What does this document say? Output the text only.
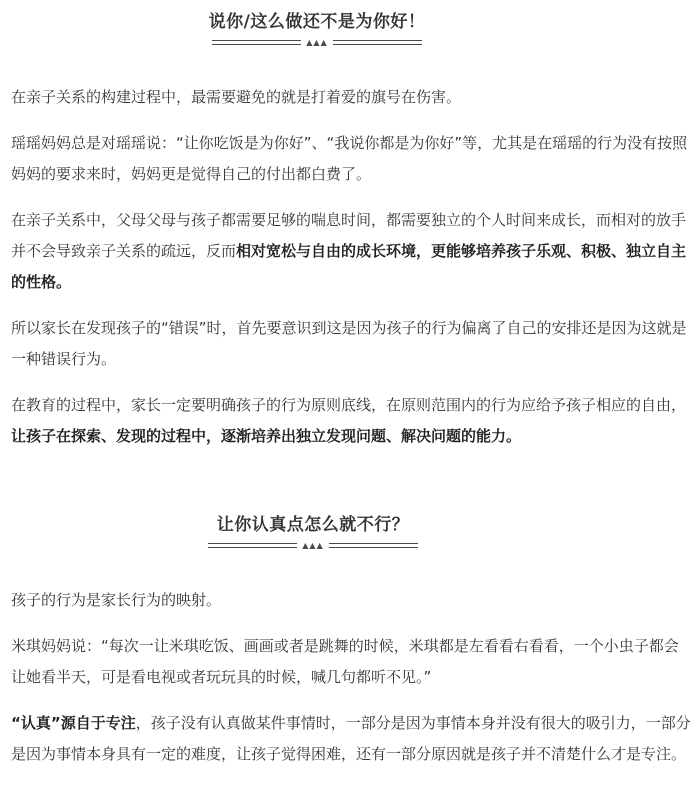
说你/这么做还不是为你好！
▲▲▲

在亲子关系的构建过程中，最需要避免的就是打着爱的旗号在伤害。

瑶瑶妈妈总是对瑶瑶说：“让你吃饭是为你好”、“我说你都是为你好”等，尤其是在瑶瑶的行为没有按照妈妈的要求来时，妈妈更是觉得自己的付出都白费了。

在亲子关系中，父母父母与孩子都需要足够的喘息时间，都需要独立的个人时间来成长，而相对的放手并不会导致亲子关系的疏远，反而相对宽松与自由的成长环境，更能够培养孩子乐观、积极、独立自主的性格。

所以家长在发现孩子的“错误”时，首先要意识到这是因为孩子的行为偏离了自己的安排还是因为这就是一种错误行为。

在教育的过程中，家长一定要明确孩子的行为原则底线，在原则范围内的行为应给予孩子相应的自由，让孩子在探索、发现的过程中，逐渐培养出独立发现问题、解决问题的能力。

让你认真点怎么就不行？
▲▲▲

孩子的行为是家长行为的映射。

米琪妈妈说：“每次一让米琪吃饭、画画或者是跳舞的时候，米琪都是左看看右看看，一个小虫子都会让她看半天，可是看电视或者玩玩具的时候，喊几句都听不见。”

“认真”源自于专注，孩子没有认真做某件事情时，一部分是因为事情本身并没有很大的吸引力，一部分是因为事情本身具有一定的难度，让孩子觉得困难，还有一部分原因就是孩子并不清楚什么才是专注。
